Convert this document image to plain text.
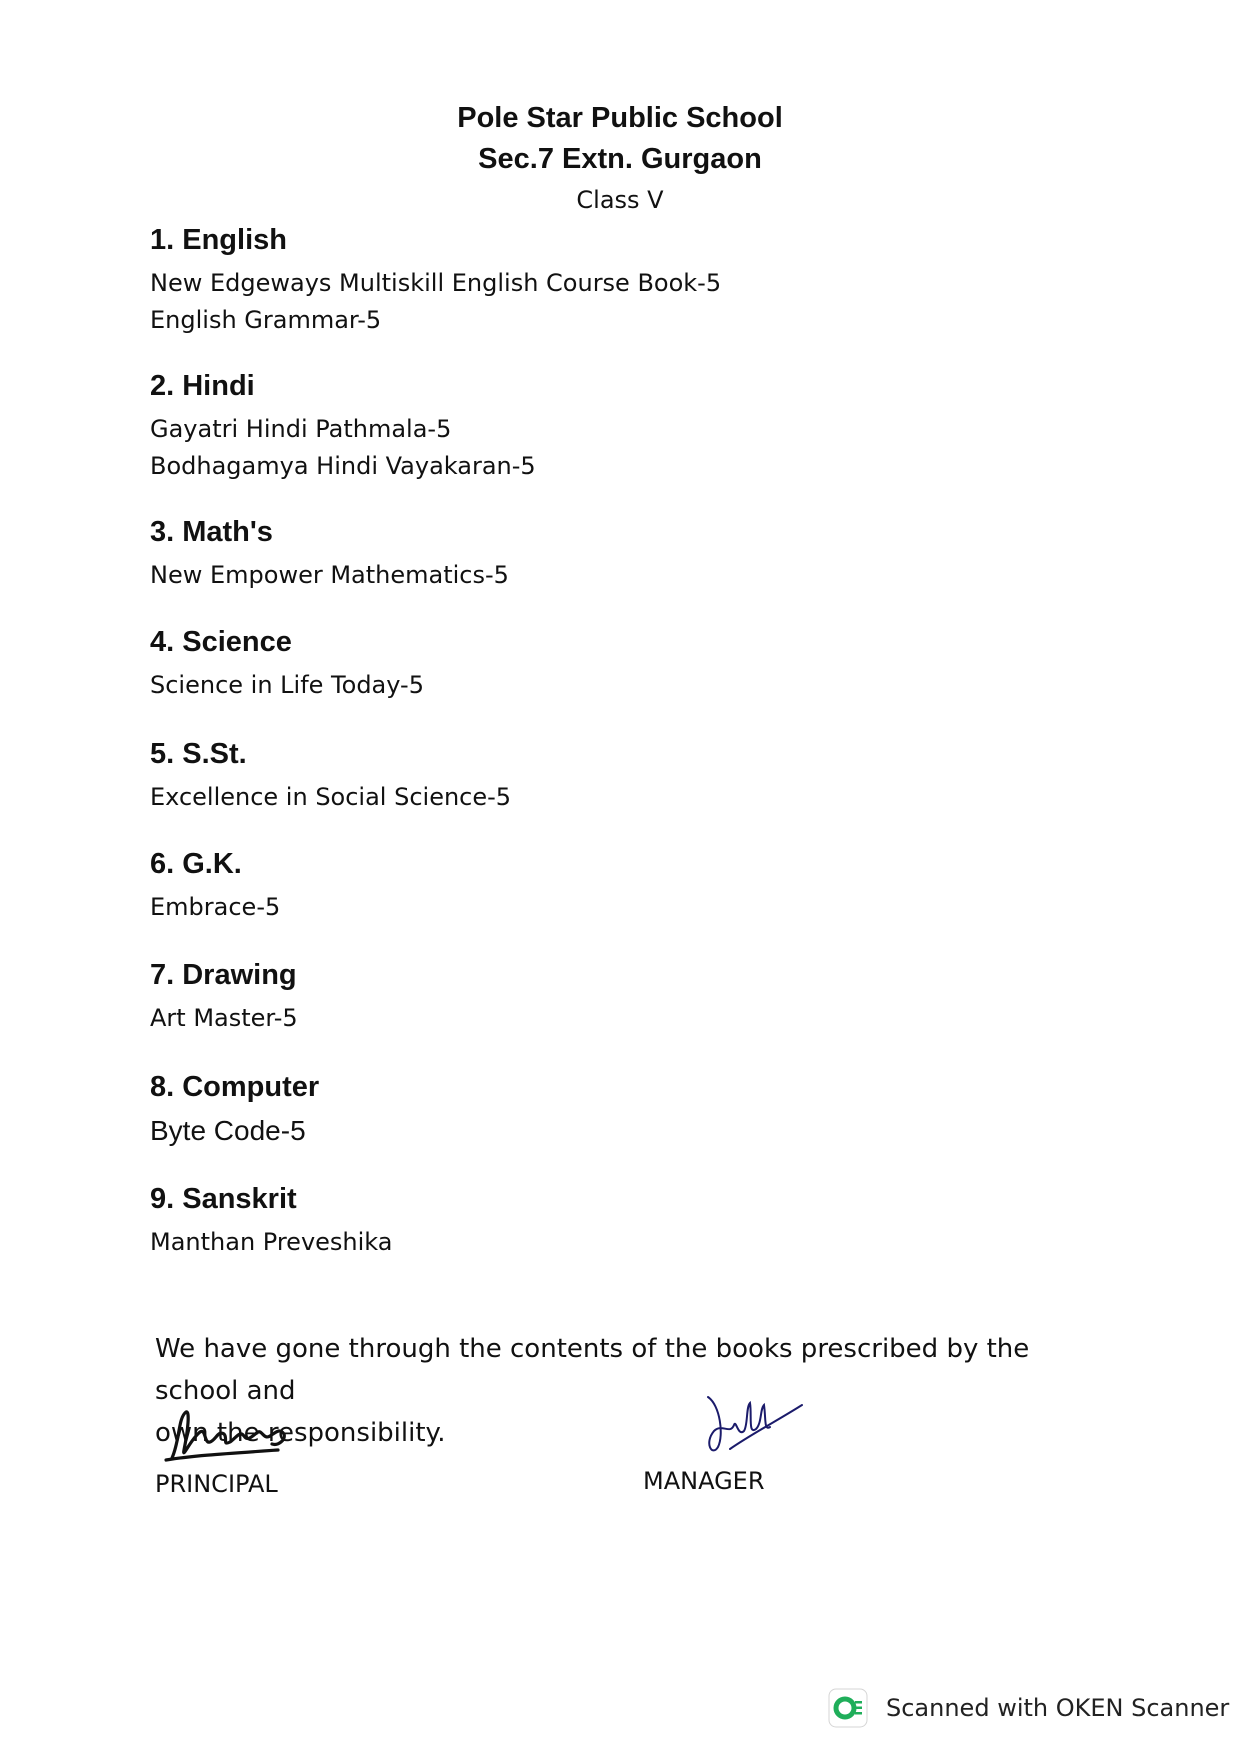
Pole Star Public School
Sec.7 Extn. Gurgaon
Class V

1. English

New Edgeways Multiskill English Course Book-5

English Grammar-5

2. Hindi

Gayatri Hindi Pathmala-5

Bodhagamya Hindi Vayakaran-5

3. Math's

New Empower Mathematics-5

4. Science

Science in Life Today-5

5. S.St.

Excellence in Social Science-5

6. G.K.

Embrace-5

7. Drawing

Art Master-5

8. Computer

Byte Code-5

9. Sanskrit

Manthan Preveshika

We have gone through the contents of the books prescribed by the school and
own the responsibility.
PRINCIPAL	MANAGER
Scanned with OKEN Scanner
